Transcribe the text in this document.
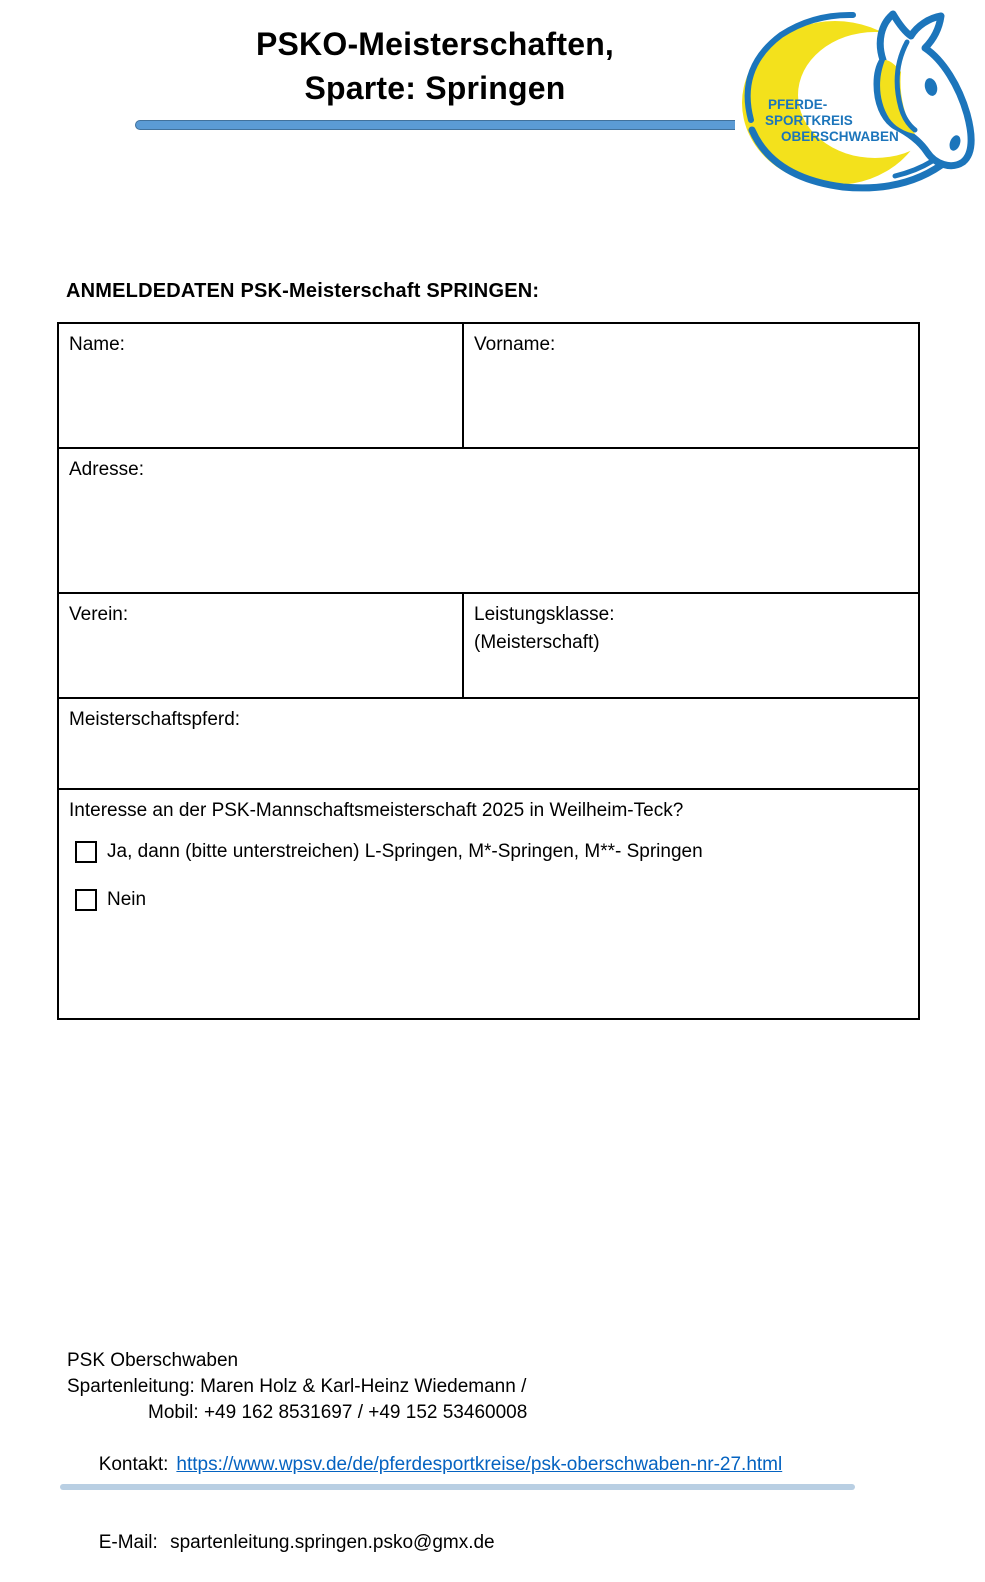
PSKO-Meisterschaften,
Sparte: Springen	PFERDE-
SPORTKREIS
OBERSCHWABEN
ANMELDEDATEN PSK-Meisterschaft SPRINGEN:
Name:	Vorname:
Adresse:
Verein:	Leistungsklasse:
(Meisterschaft)
Meisterschaftspferd:
Interesse an der PSK-Mannschaftsmeisterschaft 2025 in Weilheim-Teck?
Ja, dann (bitte unterstreichen) L-Springen, M*-Springen, M**- Springen
Nein
PSK Oberschwaben
Spartenleitung: Maren Holz & Karl-Heinz Wiedemann /
Mobil: +49 162 8531697 / +49 152 53460008

Kontakt: https://www.wpsv.de/de/pferdesportkreise/psk-oberschwaben-nr-27.html

E-Mail: spartenleitung.springen.psko@gmx.de
